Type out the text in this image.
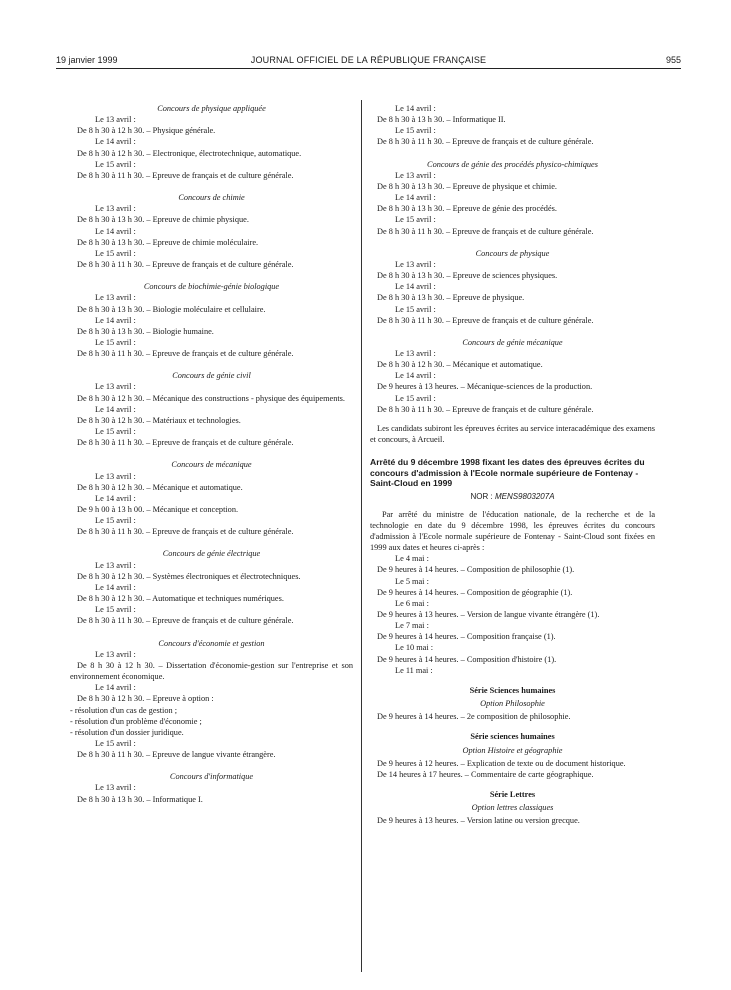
19 janvier 1999	JOURNAL OFFICIEL DE LA RÉPUBLIQUE FRANÇAISE	955

Concours de physique appliquée

Le 13 avril :

De 8 h 30 à 12 h 30. – Physique générale.

Le 14 avril :

De 8 h 30 à 12 h 30. – Electronique, électrotechnique, automatique.

Le 15 avril :

De 8 h 30 à 11 h 30. – Epreuve de français et de culture générale.

Concours de chimie

Le 13 avril :

De 8 h 30 à 13 h 30. – Epreuve de chimie physique.

Le 14 avril :

De 8 h 30 à 13 h 30. – Epreuve de chimie moléculaire.

Le 15 avril :

De 8 h 30 à 11 h 30. – Epreuve de français et de culture générale.

Concours de biochimie-génie biologique

Le 13 avril :

De 8 h 30 à 13 h 30. – Biologie moléculaire et cellulaire.

Le 14 avril :

De 8 h 30 à 13 h 30. – Biologie humaine.

Le 15 avril :

De 8 h 30 à 11 h 30. – Epreuve de français et de culture générale.

Concours de génie civil

Le 13 avril :

De 8 h 30 à 12 h 30. – Mécanique des constructions - physique des équipements.

Le 14 avril :

De 8 h 30 à 12 h 30. – Matériaux et technologies.

Le 15 avril :

De 8 h 30 à 11 h 30. – Epreuve de français et de culture générale.

Concours de mécanique

Le 13 avril :

De 8 h 30 à 12 h 30. – Mécanique et automatique.

Le 14 avril :

De 9 h 00 à 13 h 00. – Mécanique et conception.

Le 15 avril :

De 8 h 30 à 11 h 30. – Epreuve de français et de culture générale.

Concours de génie électrique

Le 13 avril :

De 8 h 30 à 12 h 30. – Systèmes électroniques et électrotechniques.

Le 14 avril :

De 8 h 30 à 12 h 30. – Automatique et techniques numériques.

Le 15 avril :

De 8 h 30 à 11 h 30. – Epreuve de français et de culture générale.

Concours d'économie et gestion

Le 13 avril :

De 8 h 30 à 12 h 30. – Dissertation d'économie-gestion sur l'entreprise et son environnement économique.

Le 14 avril :

De 8 h 30 à 12 h 30. – Epreuve à option :

- résolution d'un cas de gestion ;

- résolution d'un problème d'économie ;

- résolution d'un dossier juridique.

Le 15 avril :

De 8 h 30 à 11 h 30. – Epreuve de langue vivante étrangère.

Concours d'informatique

Le 13 avril :

De 8 h 30 à 13 h 30. – Informatique I.

Le 14 avril :

De 8 h 30 à 13 h 30. – Informatique II.

Le 15 avril :

De 8 h 30 à 11 h 30. – Epreuve de français et de culture générale.

Concours de génie des procédés physico-chimiques

Le 13 avril :

De 8 h 30 à 13 h 30. – Epreuve de physique et chimie.

Le 14 avril :

De 8 h 30 à 13 h 30. – Epreuve de génie des procédés.

Le 15 avril :

De 8 h 30 à 11 h 30. – Epreuve de français et de culture générale.

Concours de physique

Le 13 avril :

De 8 h 30 à 13 h 30. – Epreuve de sciences physiques.

Le 14 avril :

De 8 h 30 à 13 h 30. – Epreuve de physique.

Le 15 avril :

De 8 h 30 à 11 h 30. – Epreuve de français et de culture générale.

Concours de génie mécanique

Le 13 avril :

De 8 h 30 à 12 h 30. – Mécanique et automatique.

Le 14 avril :

De 9 heures à 13 heures. – Mécanique-sciences de la production.

Le 15 avril :

De 8 h 30 à 11 h 30. – Epreuve de français et de culture générale.

Les candidats subiront les épreuves écrites au service interacadémique des examens et concours, à Arcueil.

Arrêté du 9 décembre 1998 fixant les dates des épreuves écrites du concours d'admission à l'Ecole normale supérieure de Fontenay - Saint-Cloud en 1999

NOR : MENS9803207A

Par arrêté du ministre de l'éducation nationale, de la recherche et de la technologie en date du 9 décembre 1998, les épreuves écrites du concours d'admission à l'Ecole normale supérieure de Fontenay - Saint-Cloud sont fixées en 1999 aux dates et heures ci-après :

Le 4 mai :

De 9 heures à 14 heures. – Composition de philosophie (1).

Le 5 mai :

De 9 heures à 14 heures. – Composition de géographie (1).

Le 6 mai :

De 9 heures à 13 heures. – Version de langue vivante étrangère (1).

Le 7 mai :

De 9 heures à 14 heures. – Composition française (1).

Le 10 mai :

De 9 heures à 14 heures. – Composition d'histoire (1).

Le 11 mai :

Série Sciences humaines

Option Philosophie

De 9 heures à 14 heures. – 2e composition de philosophie.

Série sciences humaines

Option Histoire et géographie

De 9 heures à 12 heures. – Explication de texte ou de document historique.

De 14 heures à 17 heures. – Commentaire de carte géographique.

Série Lettres

Option lettres classiques

De 9 heures à 13 heures. – Version latine ou version grecque.
